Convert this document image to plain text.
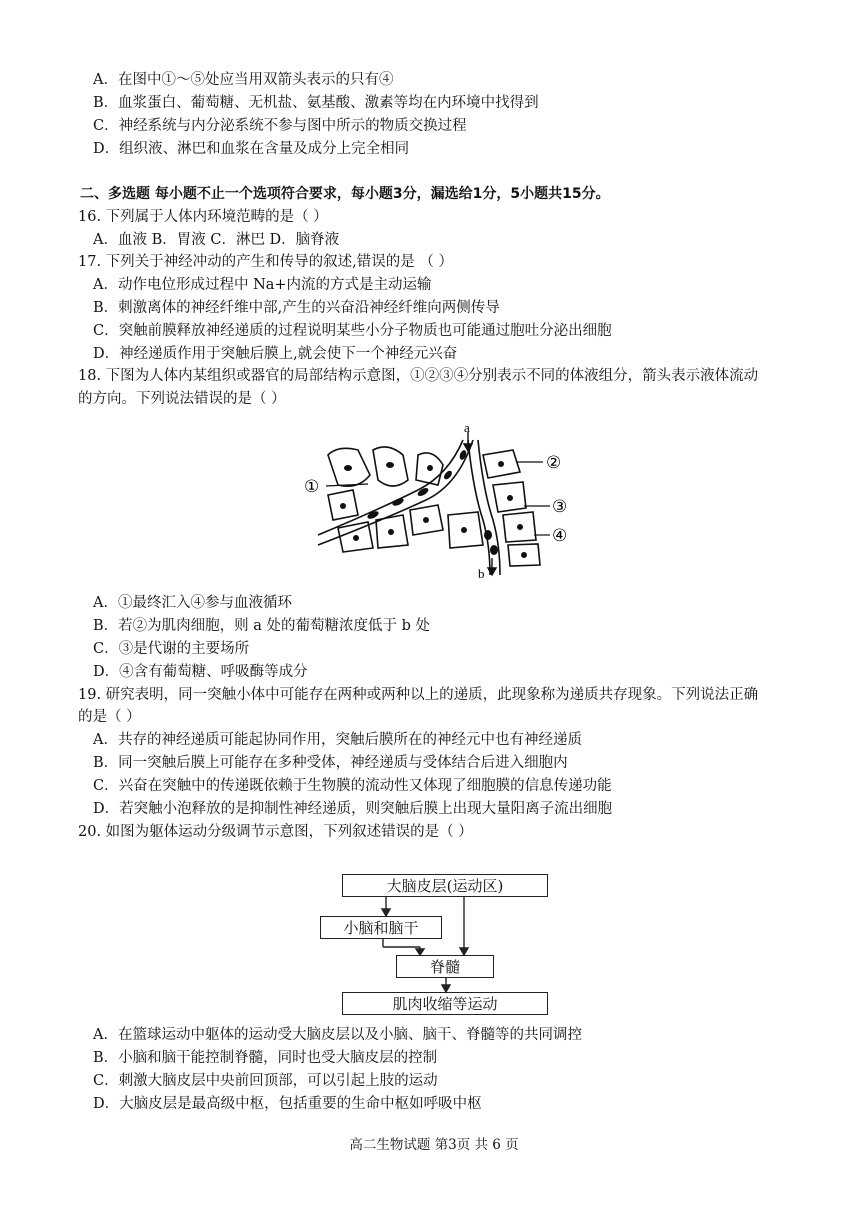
A．在图中①～⑤处应当用双箭头表示的只有④
B．血浆蛋白、葡萄糖、无机盐、氨基酸、激素等均在内环境中找得到
C．神经系统与内分泌系统不参与图中所示的物质交换过程
D．组织液、淋巴和血浆在含量及成分上完全相同
二、多选题 每小题不止一个选项符合要求，每小题3分，漏选给1分，5小题共15分。
16. 下列属于人体内环境范畴的是（ ）
A．血液 B．胃液 C．淋巴 D．脑脊液
17. 下列关于神经冲动的产生和传导的叙述,错误的是 （ ）
A．动作电位形成过程中 Na+内流的方式是主动运输
B．刺激离体的神经纤维中部,产生的兴奋沿神经纤维向两侧传导
C．突触前膜释放神经递质的过程说明某些小分子物质也可能通过胞吐分泌出细胞
D．神经递质作用于突触后膜上,就会使下一个神经元兴奋
18. 下图为人体内某组织或器官的局部结构示意图，①②③④分别表示不同的体液组分，箭头表示液体流动
的方向。下列说法错误的是（ ）
a
b
①
②
③
④
A．①最终汇入④参与血液循环
B．若②为肌肉细胞，则 a 处的葡萄糖浓度低于 b 处
C．③是代谢的主要场所
D．④含有葡萄糖、呼吸酶等成分
19. 研究表明，同一突触小体中可能存在两种或两种以上的递质，此现象称为递质共存现象。下列说法正确
的是（ ）
A．共存的神经递质可能起协同作用，突触后膜所在的神经元中也有神经递质
B．同一突触后膜上可能存在多种受体，神经递质与受体结合后进入细胞内
C．兴奋在突触中的传递既依赖于生物膜的流动性又体现了细胞膜的信息传递功能
D．若突触小泡释放的是抑制性神经递质，则突触后膜上出现大量阳离子流出细胞
20. 如图为躯体运动分级调节示意图，下列叙述错误的是（ ）
大脑皮层(运动区)
小脑和脑干
脊髓
肌肉收缩等运动
A．在篮球运动中躯体的运动受大脑皮层以及小脑、脑干、脊髓等的共同调控
B．小脑和脑干能控制脊髓，同时也受大脑皮层的控制
C．刺激大脑皮层中央前回顶部，可以引起上肢的运动
D．大脑皮层是最高级中枢，包括重要的生命中枢如呼吸中枢
高二生物试题 第3页 共 6 页
